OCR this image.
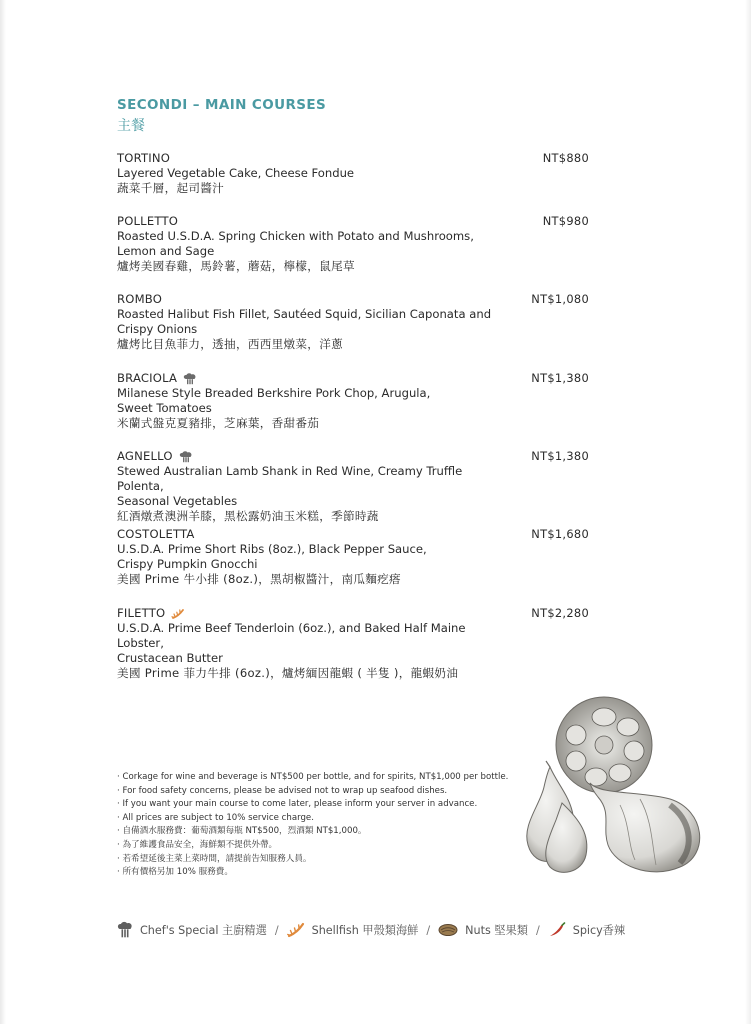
SECONDI – MAIN COURSES
主餐
TORTINO	NT$880
Layered Vegetable Cake, Cheese Fondue
蔬菜千層，起司醬汁
POLLETTO	NT$980
Roasted U.S.D.A. Spring Chicken with Potato and Mushrooms,
Lemon and Sage
爐烤美國春雞，馬鈴薯，蘑菇，檸檬，鼠尾草
ROMBO	NT$1,080
Roasted Halibut Fish Fillet, Sautéed Squid, Sicilian Caponata and
Crispy Onions
爐烤比目魚菲力，透抽，西西里燉菜，洋蔥
BRACIOLA	NT$1,380
Milanese Style Breaded Berkshire Pork Chop, Arugula,
Sweet Tomatoes
米蘭式盤克夏豬排，芝麻葉，香甜番茄
AGNELLO	NT$1,380
Stewed Australian Lamb Shank in Red Wine, Creamy Truffle Polenta,
Seasonal Vegetables
紅酒燉煮澳洲羊膝，黑松露奶油玉米糕，季節時蔬
COSTOLETTA	NT$1,680
U.S.D.A. Prime Short Ribs (8oz.), Black Pepper Sauce,
Crispy Pumpkin Gnocchi
美國 Prime 牛小排 (8oz.)，黑胡椒醬汁，南瓜麵疙瘩
FILETTO	NT$2,280
U.S.D.A. Prime Beef Tenderloin (6oz.), and Baked Half Maine Lobster,
Crustacean Butter
美國 Prime 菲力牛排 (6oz.)，爐烤緬因龍蝦 ( 半隻 )，龍蝦奶油
‧ Corkage for wine and beverage is NT$500 per bottle, and for spirits, NT$1,000 per bottle.
‧ For food safety concerns, please be advised not to wrap up seafood dishes.
‧ If you want your main course to come later, please inform your server in advance.
‧ All prices are subject to 10% service charge.
‧ 自備酒水服務費：葡萄酒類每瓶 NT$500，烈酒類 NT$1,000。
‧ 為了維護食品安全，海鮮類不提供外帶。
‧ 若希望延後主菜上菜時間，請提前告知服務人員。
‧ 所有價格另加 10% 服務費。
Chef's Special 主廚精選 /	Shellfish 甲殼類海鮮 /	Nuts 堅果類 /	Spicy香辣
